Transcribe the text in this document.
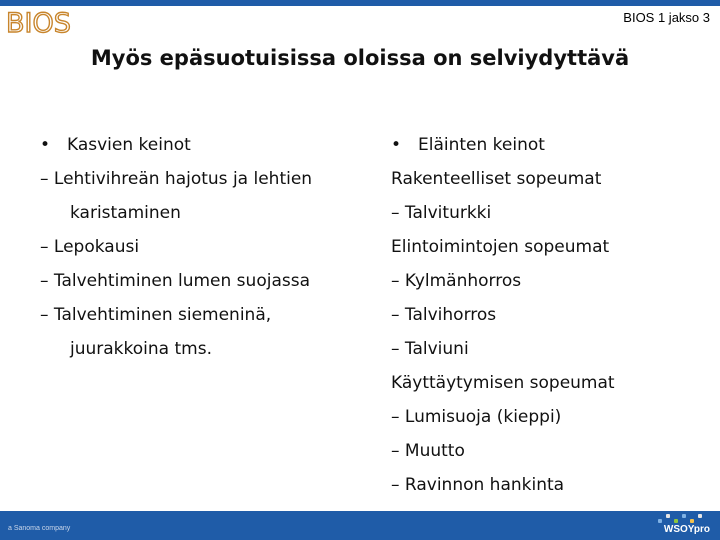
BIOS	BIOS 1 jakso 3
Myös epäsuotuisissa oloissa on selviydyttävä
• Kasvien keinot
– Lehtivihreän hajotus ja lehtien
karistaminen
– Lepokausi
– Talvehtiminen lumen suojassa
– Talvehtiminen siemeninä,
juurakkoina tms.
• Eläinten keinot
Rakenteelliset sopeumat
– Talviturkki
Elintoimintojen sopeumat
– Kylmänhorros
– Talvihorros
– Talviuni
Käyttäytymisen sopeumat
– Lumisuoja (kieppi)
– Muutto
– Ravinnon hankinta
a Sanoma company	WSOYpro
